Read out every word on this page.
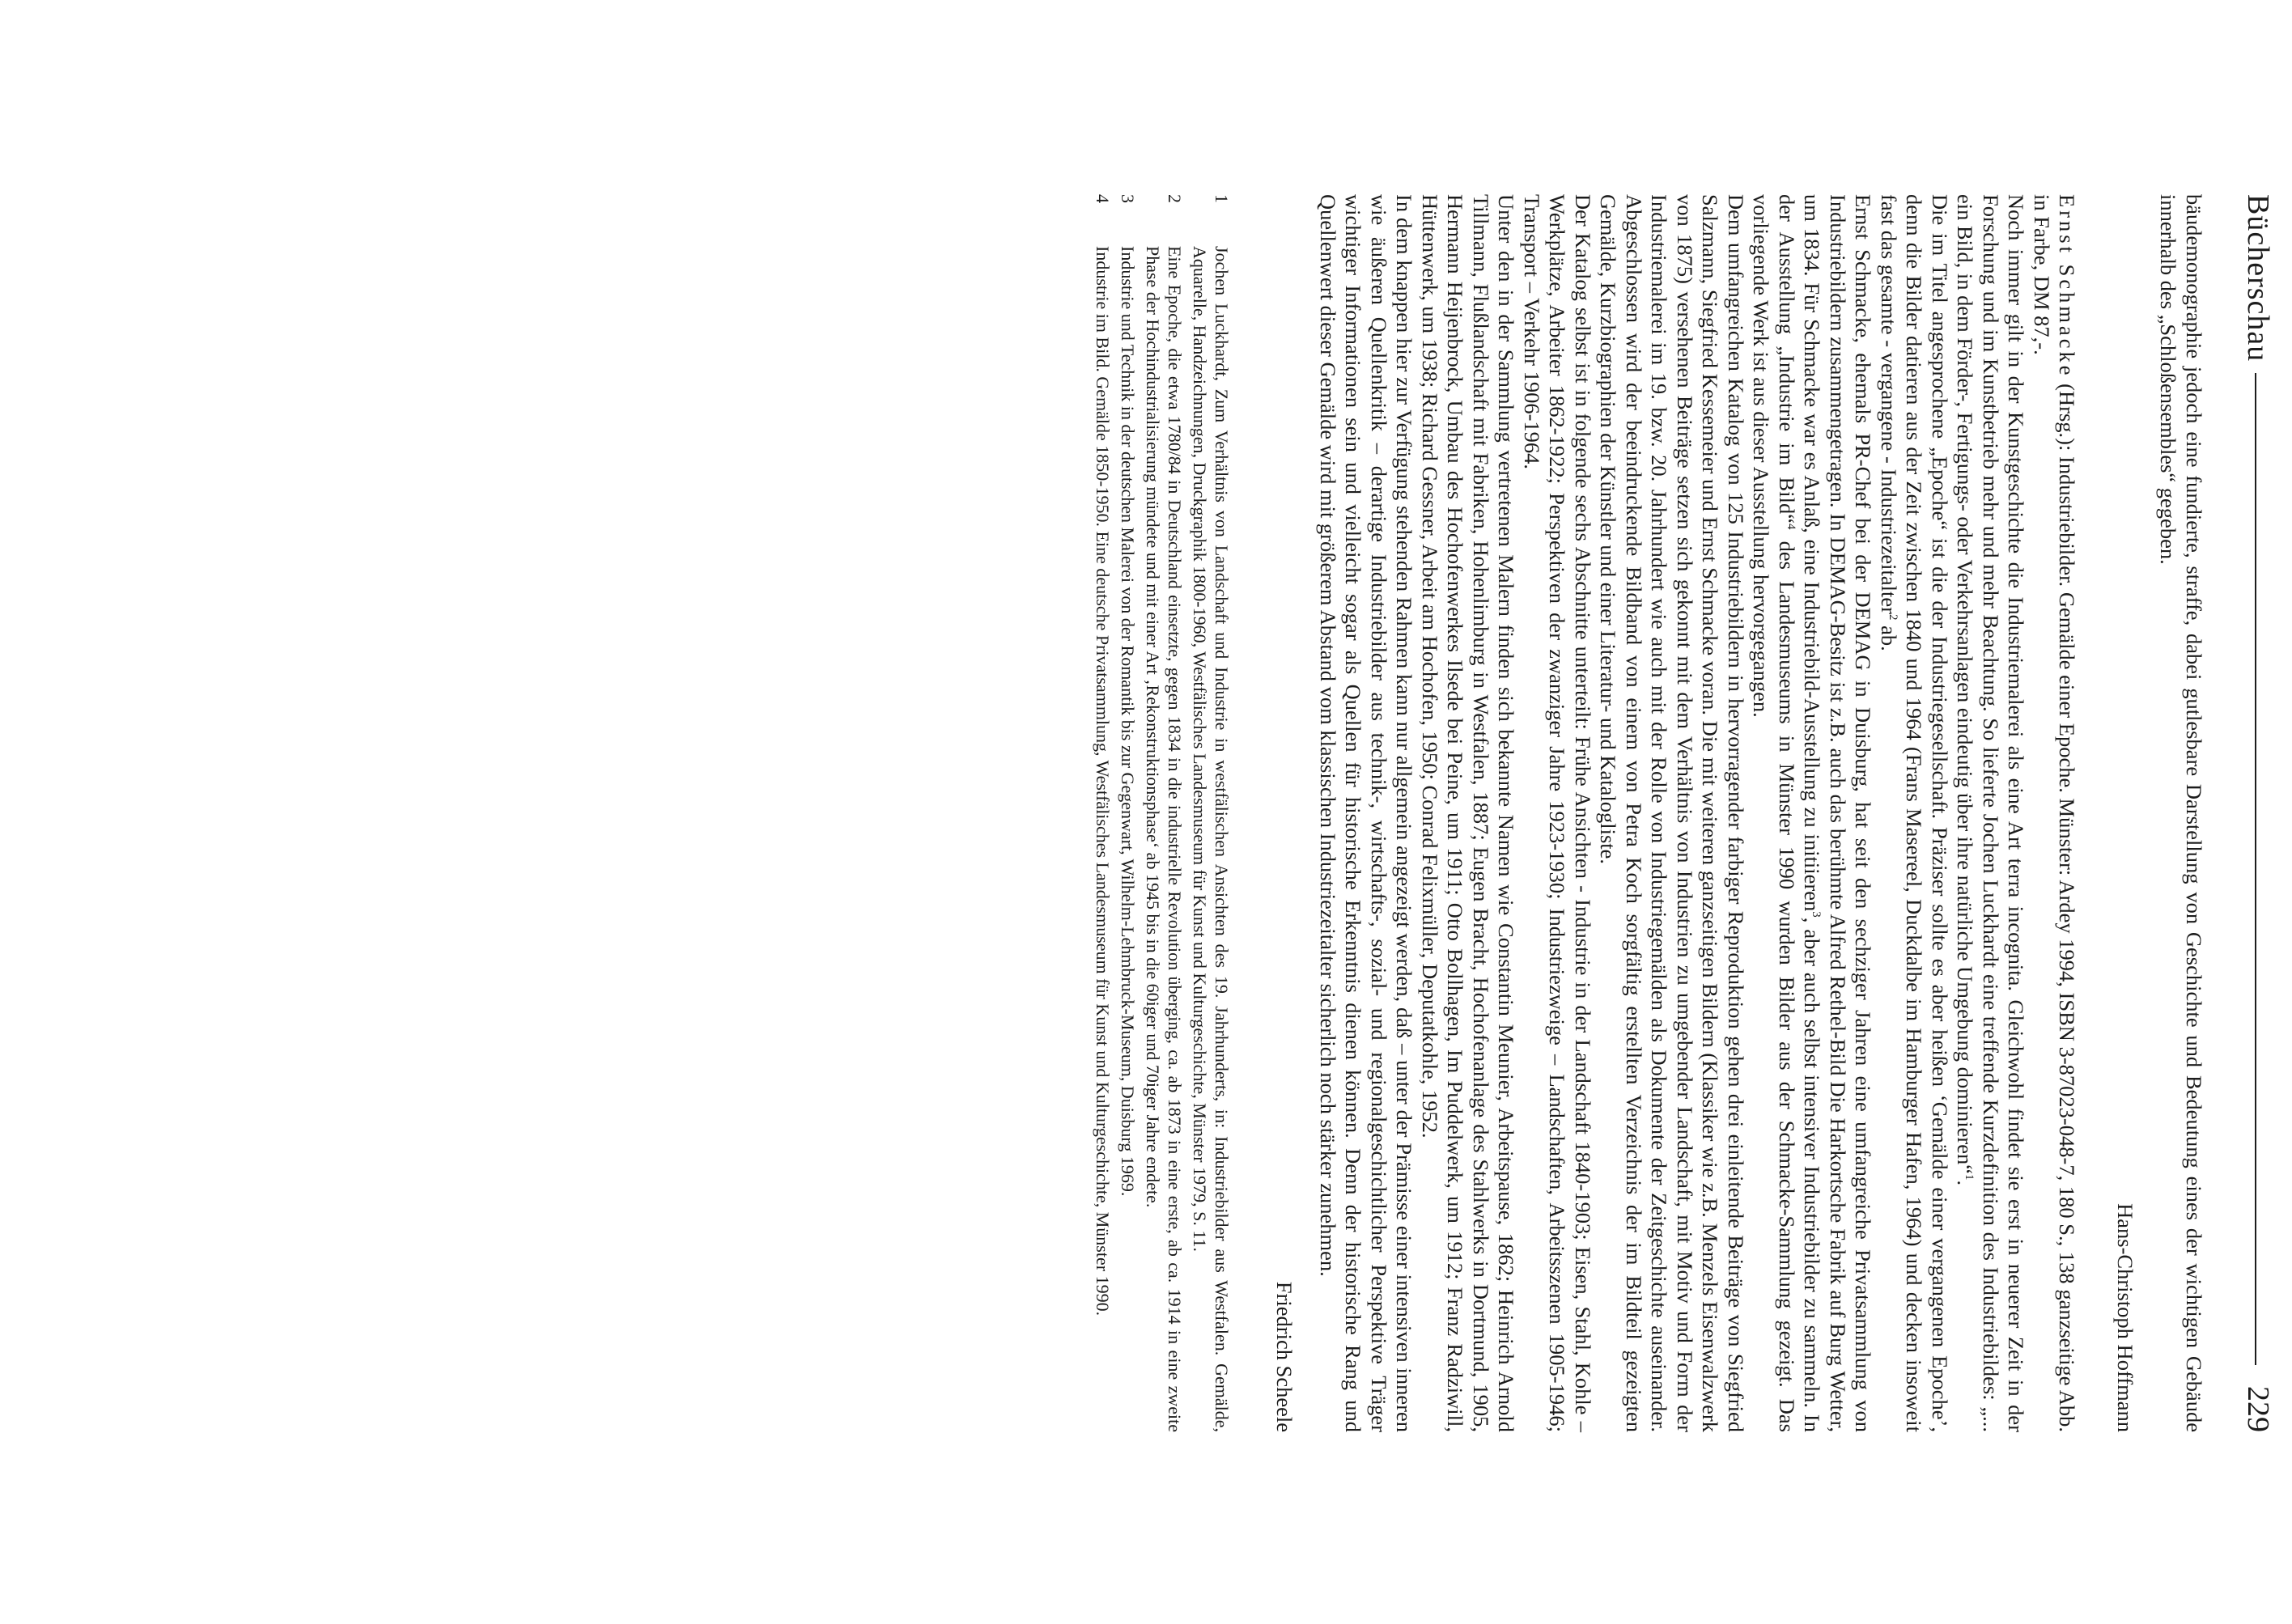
Bücherschau
229

bäudemonographie jedoch eine fundierte, straffe, dabei gutlesbare Darstellung von Geschichte und Bedeutung eines der wichtigen Gebäude innerhalb des „Schloßensembles“ gegeben.

Hans-Christoph Hoffmann

Ernst Schmacke (Hrsg.): Industriebilder. Gemälde einer Epoche. Münster: Ardey 1994, ISBN 3-87023-048-7, 180 S., 138 ganzseitige Abb. in Farbe, DM 87,-.

Noch immer gilt in der Kunstgeschichte die Industriemalerei als eine Art terra incognita. Gleichwohl findet sie erst in neuerer Zeit in der Forschung und im Kunstbetrieb mehr und mehr Beachtung. So lieferte Jochen Luckhardt eine treffende Kurzdefinition des Industriebildes: „... ein Bild, in dem Förder-, Fertigungs- oder Verkehrsanlagen eindeutig über ihre natürliche Umgebung dominieren“$^1$.

Die im Titel angesprochene „Epoche“ ist die der Industriegesellschaft. Präziser sollte es aber heißen ‘Gemälde einer vergangenen Epoche’, denn die Bilder datieren aus der Zeit zwischen 1840 und 1964 (Frans Masereel, Duckdalbe im Hamburger Hafen, 1964) und decken insoweit fast das gesamte - vergangene - Industriezeitalter$^2$ ab.

Ernst Schmacke, ehemals PR-Chef bei der DEMAG in Duisburg, hat seit den sechziger Jahren eine umfangreiche Privatsammlung von Industriebildern zusammengetragen. In DEMAG-Besitz ist z.B. auch das berühmte Alfred Rethel-Bild Die Harkortsche Fabrik auf Burg Wetter, um 1834. Für Schmacke war es Anlaß, eine Industriebild-Ausstellung zu initiieren$^3$, aber auch selbst intensiver Industriebilder zu sammeln. In der Ausstellung „Industrie im Bild“$^4$ des Landesmuseums in Münster 1990 wurden Bilder aus der Schmacke-Sammlung gezeigt. Das vorliegende Werk ist aus dieser Ausstellung hervorgegangen.

Dem umfangreichen Katalog von 125 Industriebildern in hervorragender farbiger Reproduktion gehen drei einleitende Beiträge von Siegfried Salzmann, Siegfried Kessemeier und Ernst Schmacke voran. Die mit weiteren ganzseitigen Bildern (Klassiker wie z.B. Menzels Eisenwalzwerk von 1875) versehenen Beiträge setzen sich gekonnt mit dem Verhältnis von Industrien zu umgebender Landschaft, mit Motiv und Form der Industriemalerei im 19. bzw. 20. Jahrhundert wie auch mit der Rolle von Industriegemälden als Dokumente der Zeitgeschichte auseinander. Abgeschlossen wird der beeindruckende Bildband von einem von Petra Koch sorgfältig erstellten Verzeichnis der im Bildteil gezeigten Gemälde, Kurzbiographien der Künstler und einer Literatur- und Katalogliste.

Der Katalog selbst ist in folgende sechs Abschnitte unterteilt: Frühe Ansichten - Industrie in der Landschaft 1840-1903; Eisen, Stahl, Kohle – Werkplätze, Arbeiter 1862-1922; Perspektiven der zwanziger Jahre 1923-1930; Industriezweige – Landschaften, Arbeitsszenen 1905-1946; Transport – Verkehr 1906-1964.

Unter den in der Sammlung vertretenen Malern finden sich bekannte Namen wie Constantin Meunier, Arbeitspause, 1862; Heinrich Arnold Tillmann, Flußlandschaft mit Fabriken, Hohenlimburg in Westfalen, 1887; Eugen Bracht, Hochofenanlage des Stahlwerks in Dortmund, 1905, Hermann Heijenbrock, Umbau des Hochofenwerkes Ilsede bei Peine, um 1911; Otto Bollhagen, Im Puddelwerk, um 1912; Franz Radziwill, Hüttenwerk, um 1938; Richard Gessner, Arbeit am Hochofen, 1950; Conrad Felixmüller, Deputatkohle, 1952.

In dem knappen hier zur Verfügung stehenden Rahmen kann nur allgemein angezeigt werden, daß – unter der Prämisse einer intensiven inneren wie äußeren Quellenkritik – derartige Industriebilder aus technik-, wirtschafts-, sozial- und regionalgeschichtlicher Perspektive Träger wichtiger Informationen sein und vielleicht sogar als Quellen für historische Erkenntnis dienen können. Denn der historische Rang und Quellenwert dieser Gemälde wird mit größerem Abstand vom klassischen Industriezeitalter sicherlich noch stärker zunehmen.

Friedrich Scheele

1
Jochen Luckhardt, Zum Verhältnis von Landschaft und Industrie in westfälischen Ansichten des 19. Jahrhunderts, in: Industriebilder aus Westfalen. Gemälde, Aquarelle, Handzeichnungen, Druckgraphik 1800-1960, Westfälisches Landesmuseum für Kunst und Kulturgeschichte, Münster 1979, S. 11.
2
Eine Epoche, die etwa 1780/84 in Deutschland einsetzte, gegen 1834 in die industrielle Revolution überging, ca. ab 1873 in eine erste, ab ca. 1914 in eine zweite Phase der Hochindustrialisierung mündete und mit einer Art ‚Rekonstruktionsphase‘ ab 1945 bis in die 60iger und 70iger Jahre endete.
3
Industrie und Technik in der deutschen Malerei von der Romantik bis zur Gegenwart, Wilhelm-Lehmbruck-Museum, Duisburg 1969.
4
Industrie im Bild. Gemälde 1850-1950. Eine deutsche Privatsammlung, Westfälisches Landesmuseum für Kunst und Kulturgeschichte, Münster 1990.
